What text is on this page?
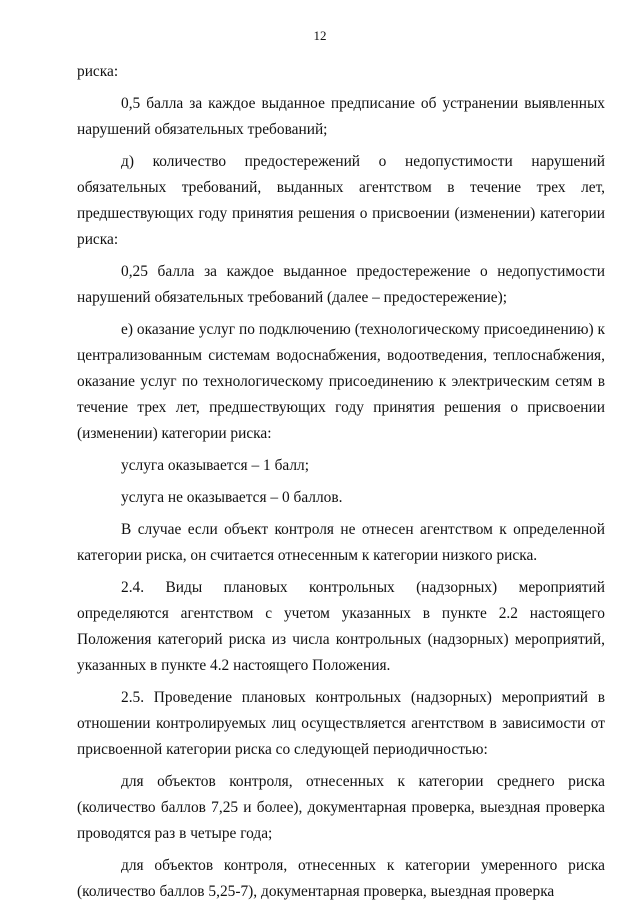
12

риска:

0,5 балла за каждое выданное предписание об устранении выявленных нарушений обязательных требований;

д) количество предостережений о недопустимости нарушений обязательных требований, выданных агентством в течение трех лет, предшествующих году принятия решения о присвоении (изменении) категории риска:

0,25 балла за каждое выданное предостережение о недопустимости нарушений обязательных требований (далее – предостережение);

е) оказание услуг по подключению (технологическому присоединению) к централизованным системам водоснабжения, водоотведения, теплоснабжения, оказание услуг по технологическому присоединению к электрическим сетям в течение трех лет, предшествующих году принятия решения о присвоении (изменении) категории риска:

услуга оказывается – 1 балл;

услуга не оказывается – 0 баллов.

В случае если объект контроля не отнесен агентством к определенной категории риска, он считается отнесенным к категории низкого риска.

2.4. Виды плановых контрольных (надзорных) мероприятий определяются агентством с учетом указанных в пункте 2.2 настоящего Положения категорий риска из числа контрольных (надзорных) мероприятий, указанных в пункте 4.2 настоящего Положения.

2.5. Проведение плановых контрольных (надзорных) мероприятий в отношении контролируемых лиц осуществляется агентством в зависимости от присвоенной категории риска со следующей периодичностью:

для объектов контроля, отнесенных к категории среднего риска (количество баллов 7,25 и более), документарная проверка, выездная проверка проводятся раз в четыре года;

для объектов контроля, отнесенных к категории умеренного риска (количество баллов 5,25-7), документарная проверка, выездная проверка
